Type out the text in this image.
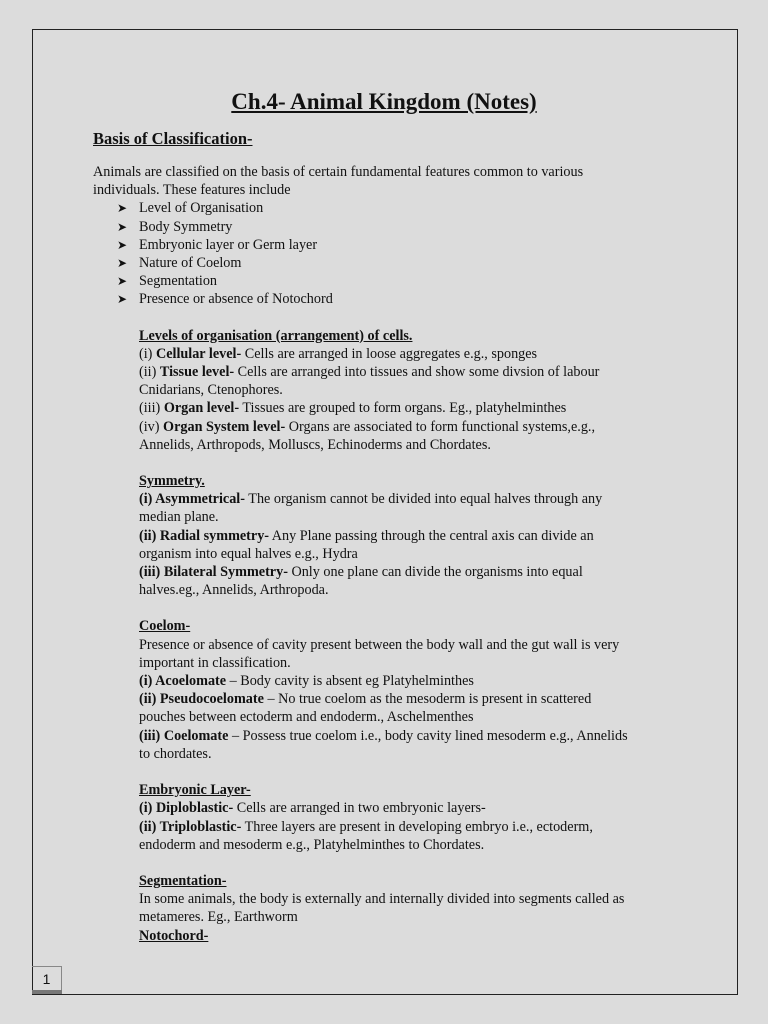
Ch.4- Animal Kingdom (Notes)
Basis of Classification-

Animals are classified on the basis of certain fundamental features common to various

individuals. These features include

➤ Level of Organisation
➤ Body Symmetry
➤ Embryonic layer or Germ layer
➤ Nature of Coelom
➤ Segmentation
➤ Presence or absence of Notochord

Levels of organisation (arrangement) of cells.

(i) Cellular level- Cells are arranged in loose aggregates e.g., sponges

(ii) Tissue level- Cells are arranged into tissues and show some divsion of labour

Cnidarians, Ctenophores.

(iii) Organ level- Tissues are grouped to form organs. Eg., platyhelminthes

(iv) Organ System level- Organs are associated to form functional systems,e.g.,

Annelids, Arthropods, Molluscs, Echinoderms and Chordates.

Symmetry.

(i) Asymmetrical- The organism cannot be divided into equal halves through any

median plane.

(ii) Radial symmetry- Any Plane passing through the central axis can divide an

organism into equal halves e.g., Hydra

(iii) Bilateral Symmetry- Only one plane can divide the organisms into equal

halves.eg., Annelids, Arthropoda.

Coelom-

Presence or absence of cavity present between the body wall and the gut wall is very

important in classification.

(i) Acoelomate – Body cavity is absent eg Platyhelminthes

(ii) Pseudocoelomate – No true coelom as the mesoderm is present in scattered

pouches between ectoderm and endoderm., Aschelmenthes

(iii) Coelomate – Possess true coelom i.e., body cavity lined mesoderm e.g., Annelids

to chordates.

Embryonic Layer-

(i) Diploblastic- Cells are arranged in two embryonic layers-

(ii) Triploblastic- Three layers are present in developing embryo i.e., ectoderm,

endoderm and mesoderm e.g., Platyhelminthes to Chordates.

Segmentation-

In some animals, the body is externally and internally divided into segments called as

metameres. Eg., Earthworm

Notochord-

1
